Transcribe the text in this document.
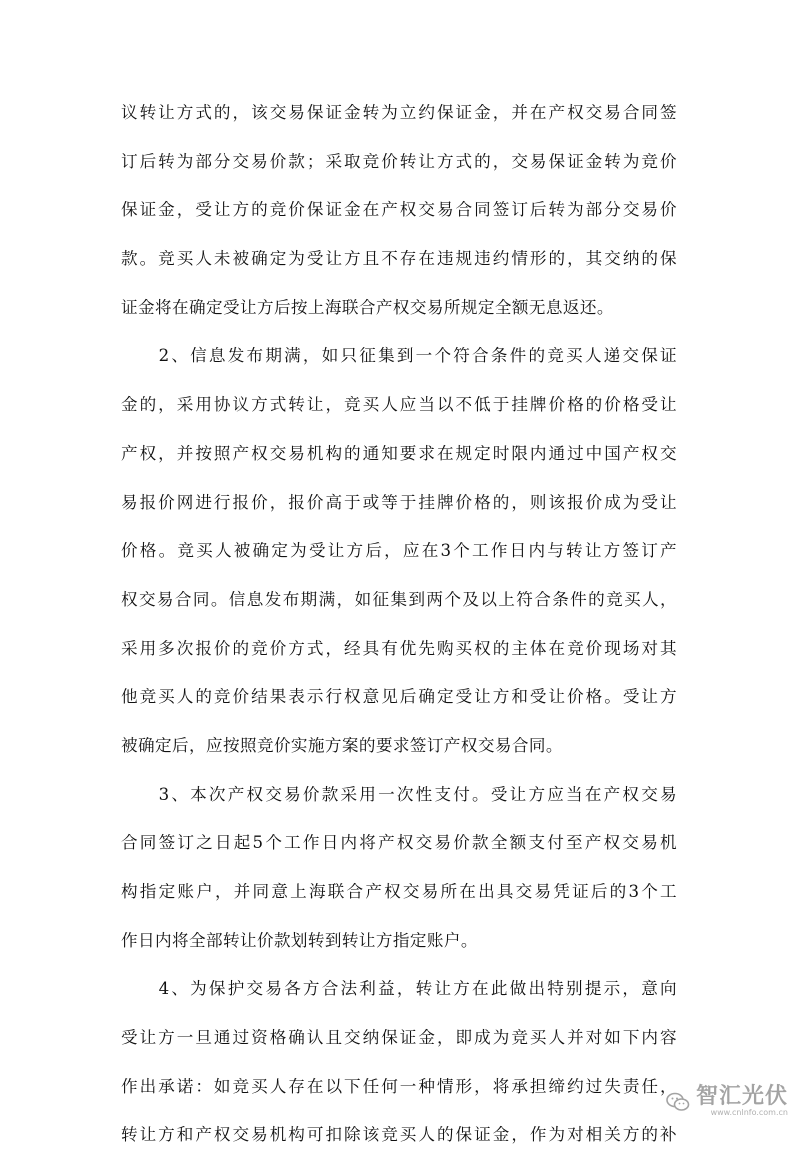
议转让方式的，该交易保证金转为立约保证金，并在产权交易合同签
订后转为部分交易价款；采取竞价转让方式的，交易保证金转为竞价
保证金，受让方的竞价保证金在产权交易合同签订后转为部分交易价
款。竞买人未被确定为受让方且不存在违规违约情形的，其交纳的保
证金将在确定受让方后按上海联合产权交易所规定全额无息返还。
　　2、信息发布期满，如只征集到一个符合条件的竞买人递交保证
金的，采用协议方式转让，竞买人应当以不低于挂牌价格的价格受让
产权，并按照产权交易机构的通知要求在规定时限内通过中国产权交
易报价网进行报价，报价高于或等于挂牌价格的，则该报价成为受让
价格。竞买人被确定为受让方后，应在3个工作日内与转让方签订产
权交易合同。信息发布期满，如征集到两个及以上符合条件的竞买人，
采用多次报价的竞价方式，经具有优先购买权的主体在竞价现场对其
他竞买人的竞价结果表示行权意见后确定受让方和受让价格。受让方
被确定后，应按照竞价实施方案的要求签订产权交易合同。
　　3、本次产权交易价款采用一次性支付。受让方应当在产权交易
合同签订之日起5个工作日内将产权交易价款全额支付至产权交易机
构指定账户，并同意上海联合产权交易所在出具交易凭证后的3个工
作日内将全部转让价款划转到转让方指定账户。
　　4、为保护交易各方合法利益，转让方在此做出特别提示，意向
受让方一旦通过资格确认且交纳保证金，即成为竞买人并对如下内容
作出承诺：如竞买人存在以下任何一种情形，将承担缔约过失责任，
转让方和产权交易机构可扣除该竞买人的保证金，作为对相关方的补
智汇光伏
www.cnlnfo.com.cn
